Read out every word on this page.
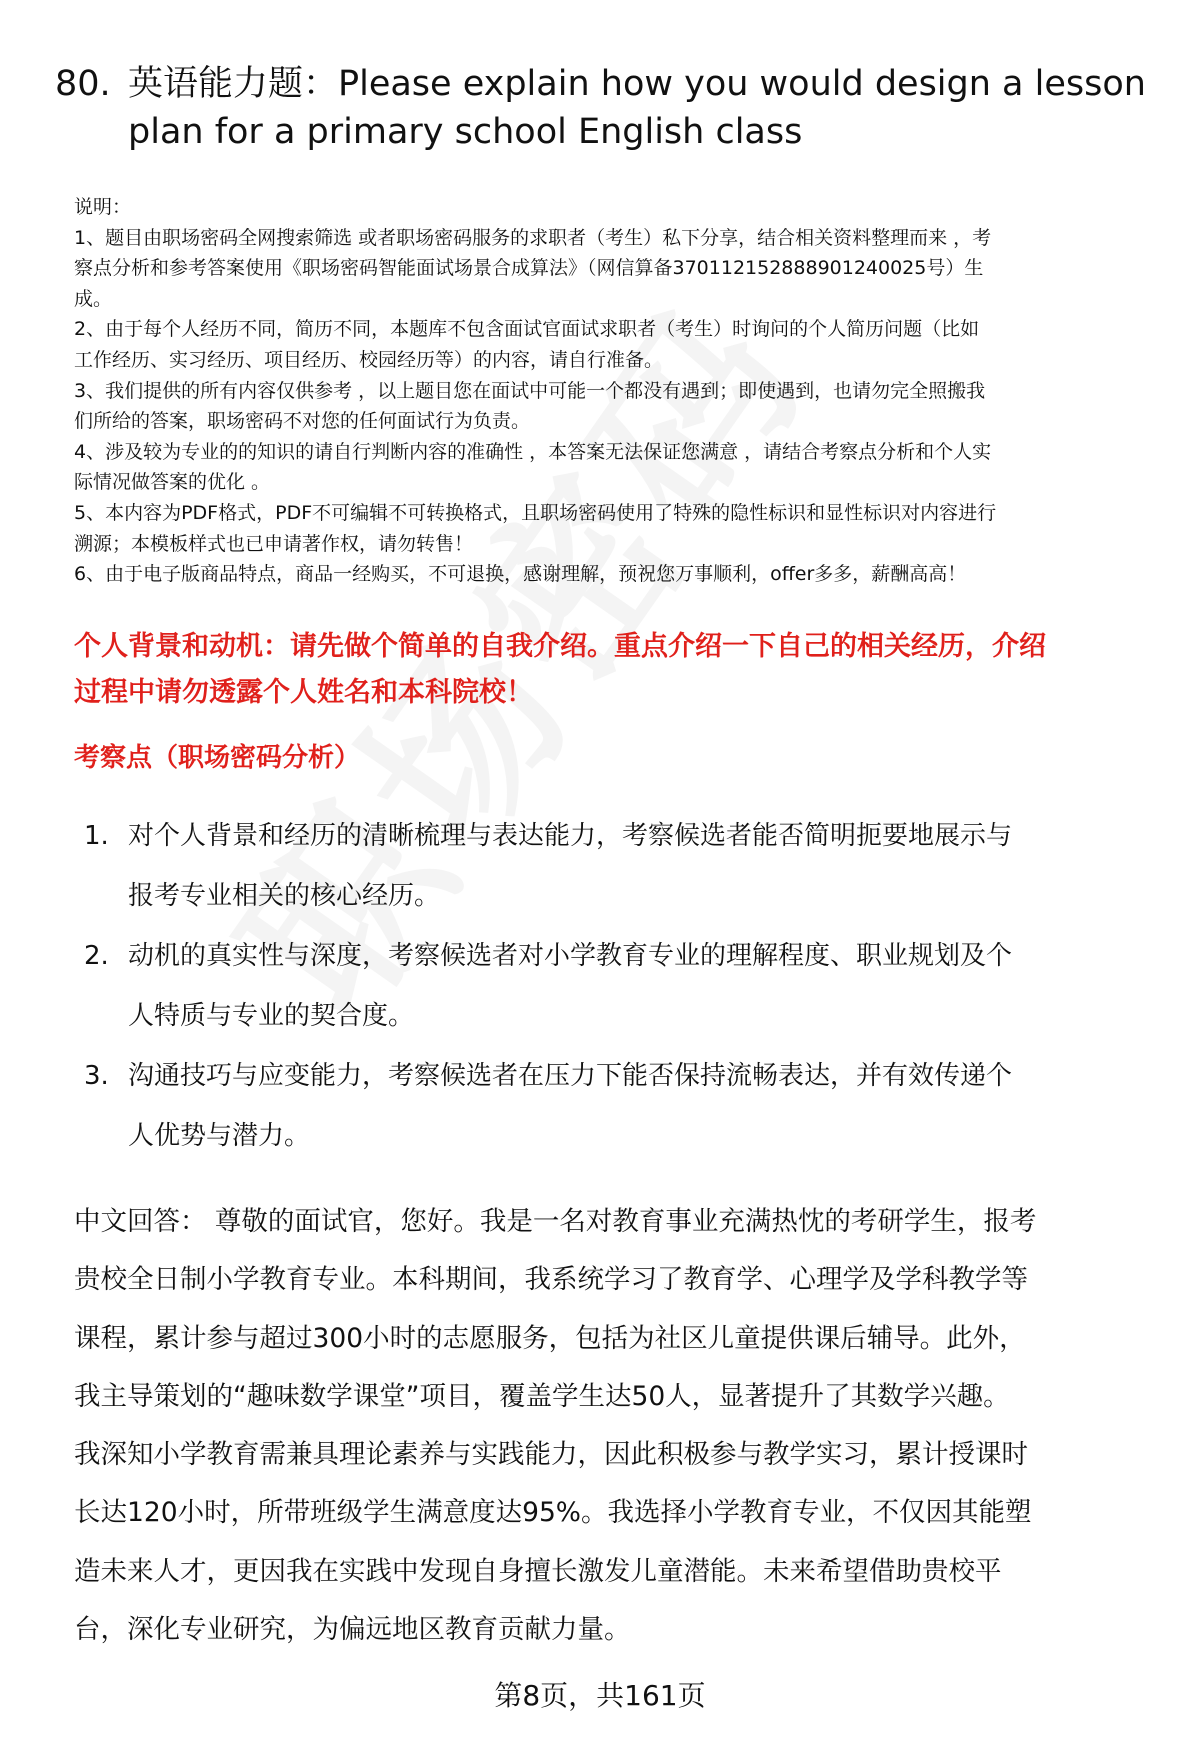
80. 英语能力题：Please explain how you would design a lesson
plan for a primary school English class
说明：
1、题目由职场密码全网搜索筛选 或者职场密码服务的求职者（考生）私下分享，结合相关资料整理而来 ，考
察点分析和参考答案使用《职场密码智能面试场景合成算法》（网信算备370112152888901240025号）生
成。
2、由于每个人经历不同，简历不同，本题库不包含面试官面试求职者（考生）时询问的个人简历问题（比如
工作经历、实习经历、项目经历、校园经历等）的内容，请自行准备。
3、我们提供的所有内容仅供参考 ，以上题目您在面试中可能一个都没有遇到；即使遇到，也请勿完全照搬我
们所给的答案，职场密码不对您的任何面试行为负责。
4、涉及较为专业的的知识的请自行判断内容的准确性 ，本答案无法保证您满意 ，请结合考察点分析和个人实
际情况做答案的优化 。
5、本内容为PDF格式，PDF不可编辑不可转换格式，且职场密码使用了特殊的隐性标识和显性标识对内容进行
溯源；本模板样式也已申请著作权，请勿转售！
6、由于电子版商品特点，商品一经购买，不可退换，感谢理解，预祝您万事顺利，offer多多，薪酬高高！
个人背景和动机：请先做个简单的自我介绍。重点介绍一下自己的相关经历，介绍
过程中请勿透露个人姓名和本科院校！
考察点（职场密码分析）
1. 对个人背景和经历的清晰梳理与表达能力，考察候选者能否简明扼要地展示与
报考专业相关的核心经历。
2. 动机的真实性与深度，考察候选者对小学教育专业的理解程度、职业规划及个
人特质与专业的契合度。
3. 沟通技巧与应变能力，考察候选者在压力下能否保持流畅表达，并有效传递个
人优势与潜力。
中文回答： 尊敬的面试官，您好。我是一名对教育事业充满热忱的考研学生，报考
贵校全日制小学教育专业。本科期间，我系统学习了教育学、心理学及学科教学等
课程，累计参与超过300小时的志愿服务，包括为社区儿童提供课后辅导。此外，
我主导策划的“趣味数学课堂”项目，覆盖学生达50人，显著提升了其数学兴趣。
我深知小学教育需兼具理论素养与实践能力，因此积极参与教学实习，累计授课时
长达120小时，所带班级学生满意度达95%。我选择小学教育专业，不仅因其能塑
造未来人才，更因我在实践中发现自身擅长激发儿童潜能。未来希望借助贵校平
台，深化专业研究，为偏远地区教育贡献力量。
第8页，共161页
